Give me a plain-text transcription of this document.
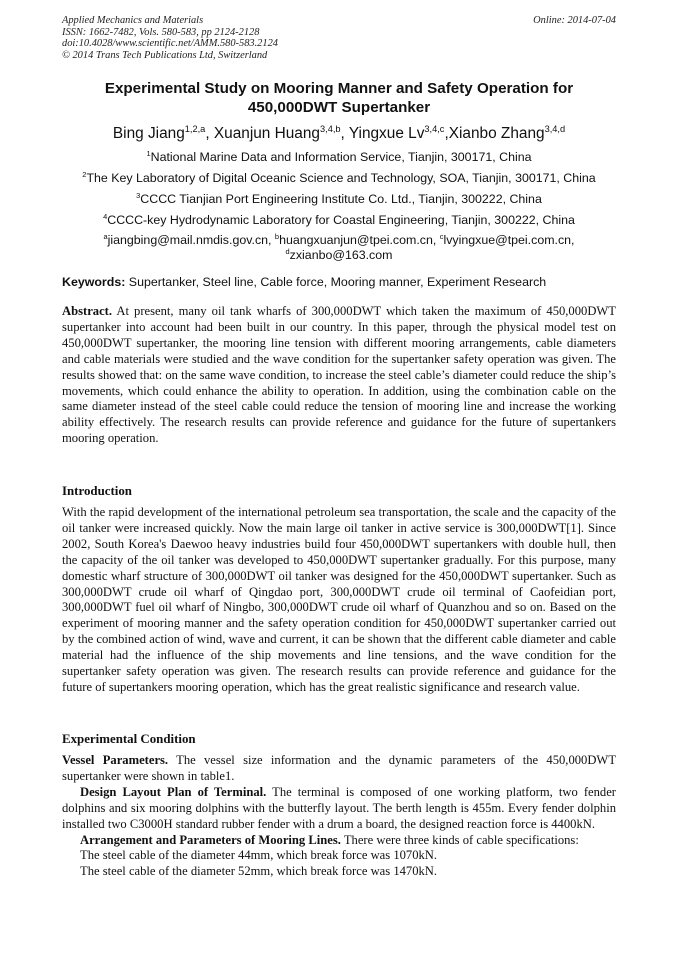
Applied Mechanics and Materials
ISSN: 1662-7482, Vols. 580-583, pp 2124-2128
doi:10.4028/www.scientific.net/AMM.580-583.2124
© 2014 Trans Tech Publications Ltd, Switzerland
Online: 2014-07-04
Experimental Study on Mooring Manner and Safety Operation for
450,000DWT Supertanker
Bing Jiang$^{1,2,a}$, Xuanjun Huang$^{3,4,b}$, Yingxue Lv$^{3,4,c}$,Xianbo Zhang$^{3,4,d}$
$^1$National Marine Data and Information Service, Tianjin, 300171, China
$^2$The Key Laboratory of Digital Oceanic Science and Technology, SOA, Tianjin, 300171, China
$^3$CCCC Tianjian Port Engineering Institute Co. Ltd., Tianjin, 300222, China
$^4$CCCC-key Hydrodynamic Laboratory for Coastal Engineering, Tianjin, 300222, China
$^a$jiangbing@mail.nmdis.gov.cn, $^b$huangxuanjun@tpei.com.cn, $^c$lvyingxue@tpei.com.cn,
$^d$zxianbo@163.com
Keywords: Supertanker, Steel line, Cable force, Mooring manner, Experiment Research

Abstract. At present, many oil tank wharfs of 300,000DWT which taken the maximum of 450,000DWT supertanker into account had been built in our country. In this paper, through the physical model test on 450,000DWT supertanker, the mooring line tension with different mooring arrangements, cable diameters and cable materials were studied and the wave condition for the supertanker safety operation was given. The results showed that: on the same wave condition, to increase the steel cable’s diameter could reduce the ship’s movements, which could enhance the ability to operation. In addition, using the combination cable on the same diameter instead of the steel cable could reduce the tension of mooring line and increase the working ability effectively. The research results can provide reference and guidance for the future of supertankers mooring operation.

Introduction

With the rapid development of the international petroleum sea transportation, the scale and the capacity of the oil tanker were increased quickly. Now the main large oil tanker in active service is 300,000DWT[1]. Since 2002, South Korea's Daewoo heavy industries build four 450,000DWT supertankers with double hull, then the capacity of the oil tanker was developed to 450,000DWT supertanker gradually. For this purpose, many domestic wharf structure of 300,000DWT oil tanker was designed for the 450,000DWT supertanker. Such as 300,000DWT crude oil wharf of Qingdao port, 300,000DWT crude oil terminal of Caofeidian port, 300,000DWT fuel oil wharf of Ningbo, 300,000DWT crude oil wharf of Quanzhou and so on. Based on the experiment of mooring manner and the safety operation condition for 450,000DWT supertanker carried out by the combined action of wind, wave and current, it can be shown that the different cable diameter and cable material had the influence of the ship movements and line tensions, and the wave condition for the supertanker safety operation was given. The research results can provide reference and guidance for the future of supertankers mooring operation, which has the great realistic significance and research value.

Experimental Condition

Vessel Parameters. The vessel size information and the dynamic parameters of the 450,000DWT supertanker were shown in table1.

Design Layout Plan of Terminal. The terminal is composed of one working platform, two fender dolphins and six mooring dolphins with the butterfly layout. The berth length is 455m. Every fender dolphin installed two C3000H standard rubber fender with a drum a board, the designed reaction force is 4400kN.

Arrangement and Parameters of Mooring Lines. There were three kinds of cable specifications:

The steel cable of the diameter 44mm, which break force was 1070kN.

The steel cable of the diameter 52mm, which break force was 1470kN.
